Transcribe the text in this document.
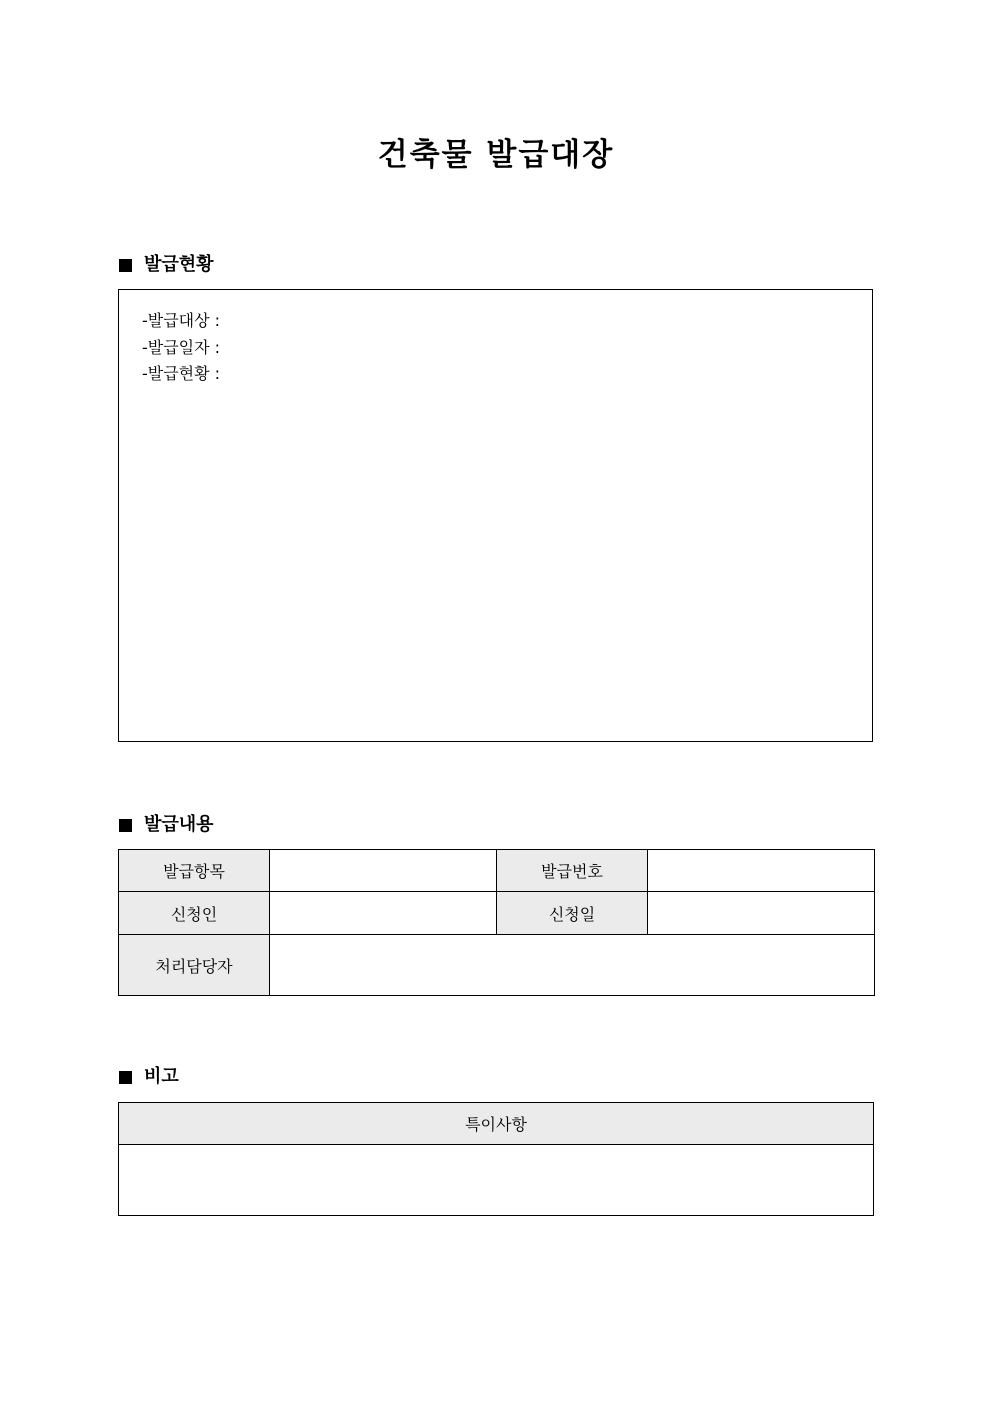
건축물 발급대장
발급현황
-발급대상 :
-발급일자 :
-발급현황 :
발급내용
발급항목		발급번호	
신청인		신청일	
처리담당자			
비고
특이사항
